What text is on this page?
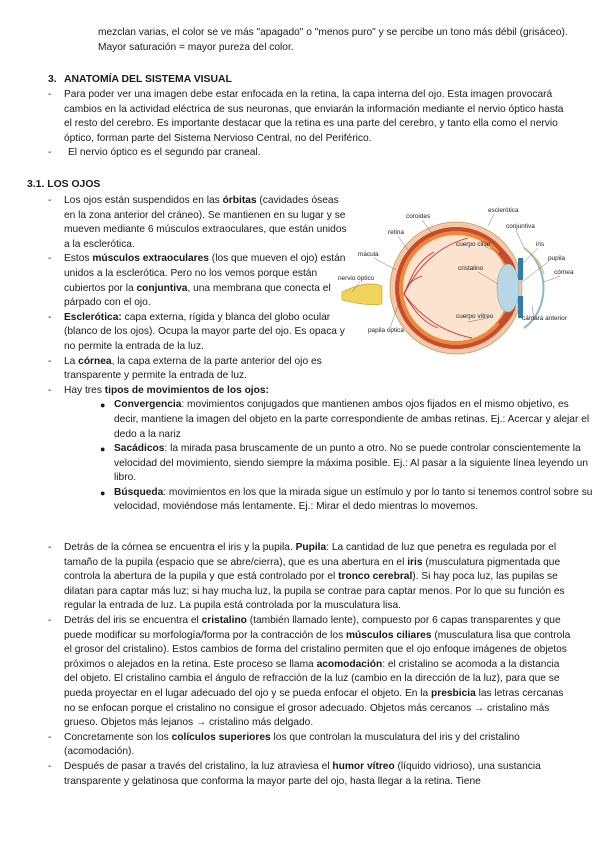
mezclan varias, el color se ve más "apagado" o "menos puro" y se percibe un tono más débil (grisáceo). Mayor saturación = mayor pureza del color.
3. ANATOMÍA DEL SISTEMA VISUAL
- Para poder ver una imagen debe estar enfocada en la retina, la capa interna del ojo. Esta imagen provocará cambios en la actividad eléctrica de sus neuronas, que enviarán la información mediante el nervio óptico hasta el resto del cerebro. Es importante destacar que la retina es una parte del cerebro, y tanto ella como el nervio óptico, forman parte del Sistema Nervioso Central, no del Periférico.
- El nervio óptico es el segundo par craneal.
3.1. LOS OJOS
- Los ojos están suspendidos en las órbitas (cavidades óseas en la zona anterior del cráneo). Se mantienen en su lugar y se mueven mediante 6 músculos extraoculares, que están unidos a la esclerótica.
- Estos músculos extraoculares (los que mueven el ojo) están unidos a la esclerótica. Pero no los vemos porque están cubiertos por la conjuntiva, una membrana que conecta el párpado con el ojo.
- Esclerótica: capa externa, rígida y blanca del globo ocular (blanco de los ojos). Ocupa la mayor parte del ojo. Es opaca y no permite la entrada de la luz.
- La córnea, la capa externa de la parte anterior del ojo es transparente y permite la entrada de luz.
- Hay tres tipos de movimientos de los ojos:
● Convergencia: movimientos conjugados que mantienen ambos ojos fijados en el mismo objetivo, es decir, mantiene la imagen del objeto en la parte correspondiente de ambas retinas. Ej.: Acercar y alejar el dedo a la nariz
● Sacádicos: la mirada pasa bruscamente de un punto a otro. No se puede controlar conscientemente la velocidad del movimiento, siendo siempre la máxima posible. Ej.: Al pasar a la siguiente línea leyendo un libro.
● Búsqueda: movimientos en los que la mirada sigue un estímulo y por lo tanto si tenemos control sobre su velocidad, moviéndose más lentamente. Ej.: Mirar el dedo mientras lo movemos.
coroides
esclerótica
conjuntiva
retina
cuerpo ciliar	iris
mácula
pupila
cristalino
córnea
nervio óptico
cuerpo vítreo	cámara anterior
papila óptica
- Detrás de la córnea se encuentra el iris y la pupila. Pupila: La cantidad de luz que penetra es regulada por el tamaño de la pupila (espacio que se abre/cierra), que es una abertura en el iris (musculatura pigmentada que controla la abertura de la pupila y que está controlado por el tronco cerebral). Si hay poca luz, las pupilas se dilatan para captar más luz; si hay mucha luz, la pupila se contrae para captar menos. Por lo que su función es regular la entrada de luz. La pupila está controlada por la musculatura lisa.
- Detrás del iris se encuentra el cristalino (también llamado lente), compuesto por 6 capas transparentes y que puede modificar su morfología/forma por la contracción de los músculos ciliares (musculatura lisa que controla el grosor del cristalino). Estos cambios de forma del cristalino permiten que el ojo enfoque imágenes de objetos próximos o alejados en la retina. Este proceso se llama acomodación: el cristalino se acomoda a la distancia del objeto. El cristalino cambia el ángulo de refracción de la luz (cambio en la dirección de la luz), para que se pueda proyectar en el lugar adecuado del ojo y se pueda enfocar el objeto. En la presbicia las letras cercanas no se enfocan porque el cristalino no consigue el grosor adecuado. Objetos más cercanos → cristalino más grueso. Objetos más lejanos → cristalino más delgado.
- Concretamente son los colículos superiores los que controlan la musculatura del iris y del cristalino (acomodación).
- Después de pasar a través del cristalino, la luz atraviesa el humor vítreo (líquido vidrioso), una sustancia transparente y gelatinosa que conforma la mayor parte del ojo, hasta llegar a la retina. Tiene
